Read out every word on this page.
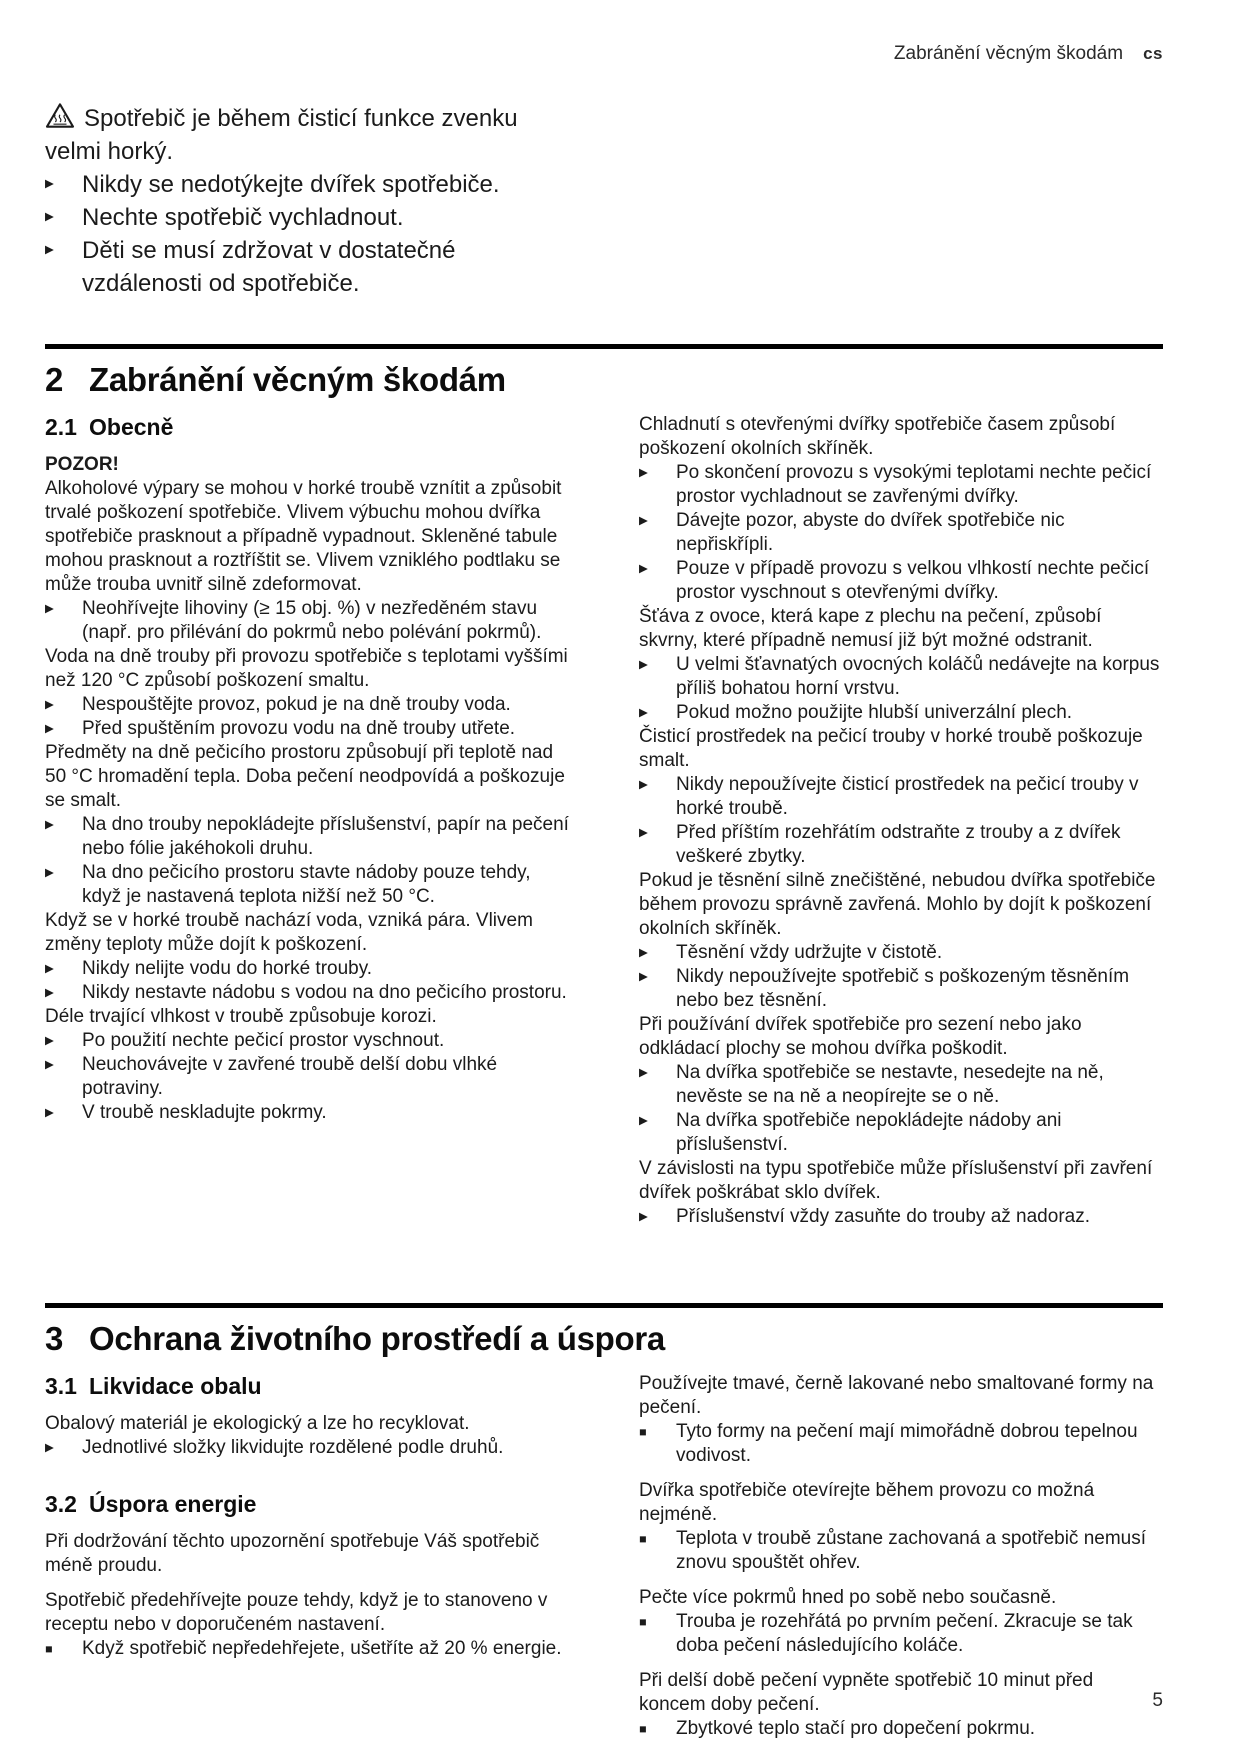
Zabránění věcným škodám cs
Spotřebič je během čisticí funkce zvenku velmi horký.
▶	Nikdy se nedotýkejte dvířek spotřebiče.
▶	Nechte spotřebič vychladnout.
▶	Děti se musí zdržovat v dostatečné vzdálenosti od spotřebiče.
2 Zabránění věcným škodám
2.1 Obecně
POZOR!
Alkoholové výpary se mohou v horké troubě vznítit a způsobit trvalé poškození spotřebiče. Vlivem výbuchu mohou dvířka spotřebiče prasknout a případně vypadnout. Skleněné tabule mohou prasknout a roztříštit se. Vlivem vzniklého podtlaku se může trouba uvnitř silně zdeformovat.
▶	Neohřívejte lihoviny (≥ 15 obj. %) v nezředěném stavu (např. pro přilévání do pokrmů nebo polévání pokrmů).
Voda na dně trouby při provozu spotřebiče s teplotami vyššími než 120 °C způsobí poškození smaltu.
▶	Nespouštějte provoz, pokud je na dně trouby voda.
▶	Před spuštěním provozu vodu na dně trouby utřete.
Předměty na dně pečicího prostoru způsobují při teplotě nad 50 °C hromadění tepla. Doba pečení neodpovídá a poškozuje se smalt.
▶	Na dno trouby nepokládejte příslušenství, papír na pečení nebo fólie jakéhokoli druhu.
▶	Na dno pečicího prostoru stavte nádoby pouze tehdy, když je nastavená teplota nižší než 50 °C.
Když se v horké troubě nachází voda, vzniká pára. Vlivem změny teploty může dojít k poškození.
▶	Nikdy nelijte vodu do horké trouby.
▶	Nikdy nestavte nádobu s vodou na dno pečicího prostoru.
Déle trvající vlhkost v troubě způsobuje korozi.
▶	Po použití nechte pečicí prostor vyschnout.
▶	Neuchovávejte v zavřené troubě delší dobu vlhké potraviny.
▶	V troubě neskladujte pokrmy.
Chladnutí s otevřenými dvířky spotřebiče časem způsobí poškození okolních skříněk.
▶	Po skončení provozu s vysokými teplotami nechte pečicí prostor vychladnout se zavřenými dvířky.
▶	Dávejte pozor, abyste do dvířek spotřebiče nic nepřiskřípli.
▶	Pouze v případě provozu s velkou vlhkostí nechte pečicí prostor vyschnout s otevřenými dvířky.
Šťáva z ovoce, která kape z plechu na pečení, způsobí skvrny, které případně nemusí již být možné odstranit.
▶	U velmi šťavnatých ovocných koláčů nedávejte na korpus příliš bohatou horní vrstvu.
▶	Pokud možno použijte hlubší univerzální plech.
Čisticí prostředek na pečicí trouby v horké troubě poškozuje smalt.
▶	Nikdy nepoužívejte čisticí prostředek na pečicí trouby v horké troubě.
▶	Před příštím rozehřátím odstraňte z trouby a z dvířek veškeré zbytky.
Pokud je těsnění silně znečištěné, nebudou dvířka spotřebiče během provozu správně zavřená. Mohlo by dojít k poškození okolních skříněk.
▶	Těsnění vždy udržujte v čistotě.
▶	Nikdy nepoužívejte spotřebič s poškozeným těsněním nebo bez těsnění.
Při používání dvířek spotřebiče pro sezení nebo jako odkládací plochy se mohou dvířka poškodit.
▶	Na dvířka spotřebiče se nestavte, nesedejte na ně, nevěste se na ně a neopírejte se o ně.
▶	Na dvířka spotřebiče nepokládejte nádoby ani příslušenství.
V závislosti na typu spotřebiče může příslušenství při zavření dvířek poškrábat sklo dvířek.
▶	Příslušenství vždy zasuňte do trouby až nadoraz.
3 Ochrana životního prostředí a úspora
3.1 Likvidace obalu
Obalový materiál je ekologický a lze ho recyklovat.
▶	Jednotlivé složky likvidujte rozdělené podle druhů.
3.2 Úspora energie
Při dodržování těchto upozornění spotřebuje Váš spotřebič méně proudu.
Spotřebič předehřívejte pouze tehdy, když je to stanoveno v receptu nebo v doporučeném nastavení.
■	Když spotřebič nepředehřejete, ušetříte až 20 % energie.
Používejte tmavé, černě lakované nebo smaltované formy na pečení.
■	Tyto formy na pečení mají mimořádně dobrou tepelnou vodivost.
Dvířka spotřebiče otevírejte během provozu co možná nejméně.
■	Teplota v troubě zůstane zachovaná a spotřebič nemusí znovu spouštět ohřev.
Pečte více pokrmů hned po sobě nebo současně.
■	Trouba je rozehřátá po prvním pečení. Zkracuje se tak doba pečení následujícího koláče.
Při delší době pečení vypněte spotřebič 10 minut před koncem doby pečení.
■	Zbytkové teplo stačí pro dopečení pokrmu.
5
